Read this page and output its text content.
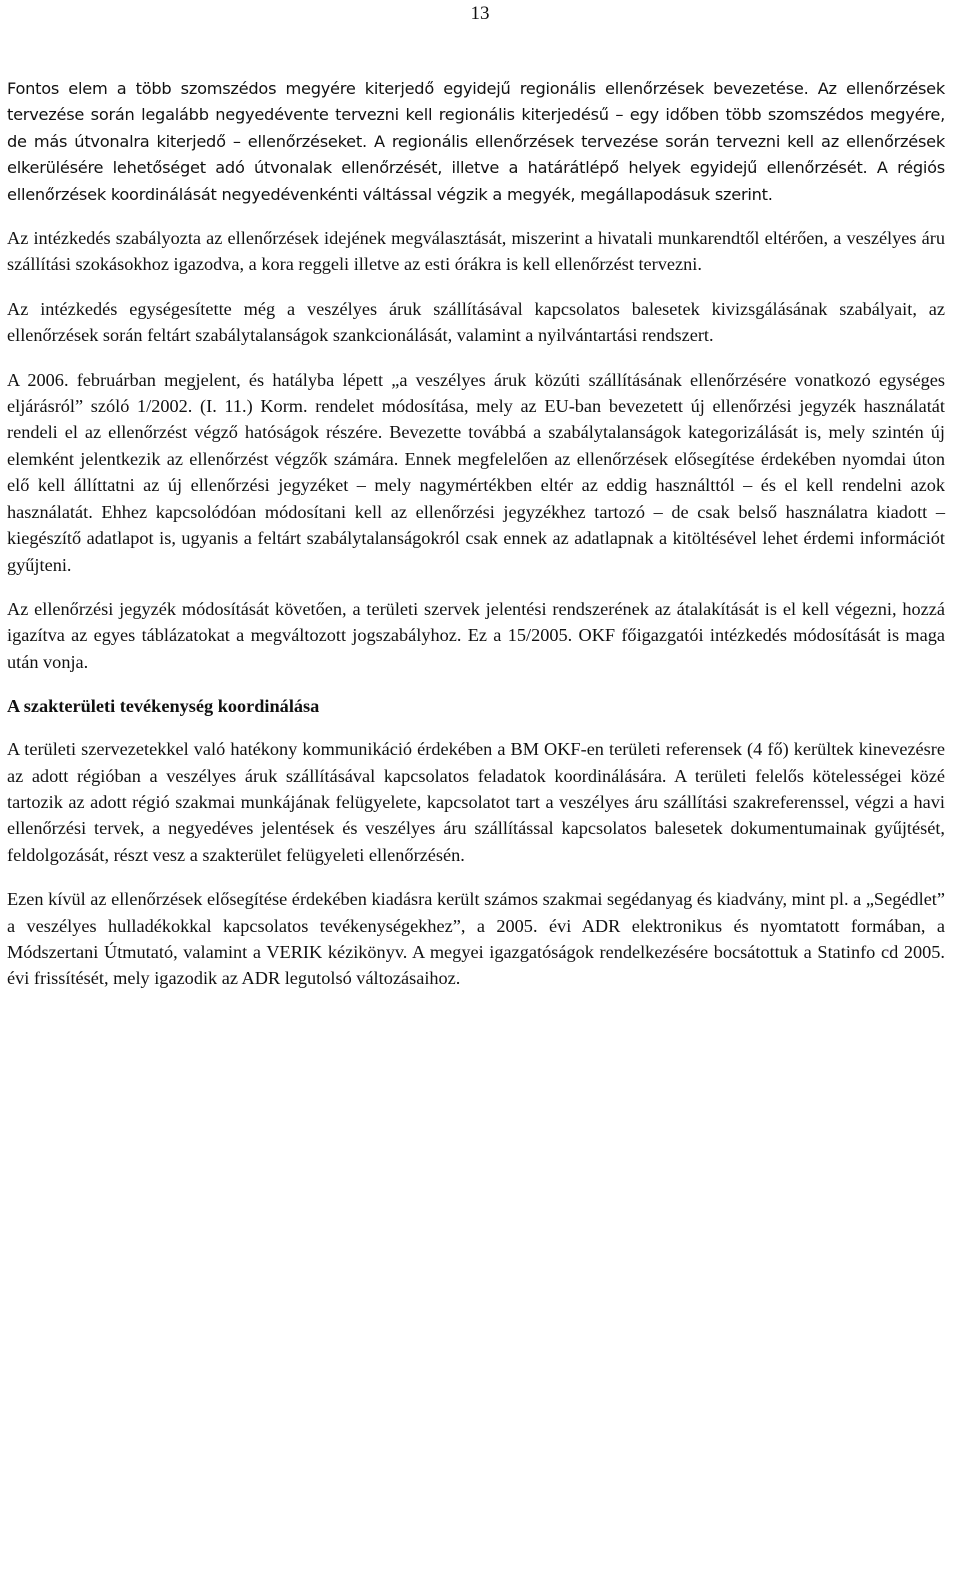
13

Fontos elem a több szomszédos megyére kiterjedő egyidejű regionális ellenőrzések bevezetése. Az ellenőrzések tervezése során legalább negyedévente tervezni kell regionális kiterjedésű – egy időben több szomszédos megyére, de más útvonalra kiterjedő – ellenőrzéseket. A regionális ellenőrzések tervezése során tervezni kell az ellenőrzések elkerülésére lehetőséget adó útvonalak ellenőrzését, illetve a határátlépő helyek egyidejű ellenőrzését. A régiós ellenőrzések koordinálását negyedévenkénti váltással végzik a megyék, megállapodásuk szerint.

Az intézkedés szabályozta az ellenőrzések idejének megválasztását, miszerint a hivatali munkarendtől eltérően, a veszélyes áru szállítási szokásokhoz igazodva, a kora reggeli illetve az esti órákra is kell ellenőrzést tervezni.

Az intézkedés egységesítette még a veszélyes áruk szállításával kapcsolatos balesetek kivizsgálásának szabályait, az ellenőrzések során feltárt szabálytalanságok szankcionálását, valamint a nyilvántartási rendszert.

A 2006. februárban megjelent, és hatályba lépett „a veszélyes áruk közúti szállításának ellenőrzésére vonatkozó egységes eljárásról” szóló 1/2002. (I. 11.) Korm. rendelet módosítása, mely az EU-ban bevezetett új ellenőrzési jegyzék használatát rendeli el az ellenőrzést végző hatóságok részére. Bevezette továbbá a szabálytalanságok kategorizálását is, mely szintén új elemként jelentkezik az ellenőrzést végzők számára. Ennek megfelelően az ellenőrzések elősegítése érdekében nyomdai úton elő kell állíttatni az új ellenőrzési jegyzéket – mely nagymértékben eltér az eddig használttól – és el kell rendelni azok használatát. Ehhez kapcsolódóan módosítani kell az ellenőrzési jegyzékhez tartozó – de csak belső használatra kiadott – kiegészítő adatlapot is, ugyanis a feltárt szabálytalanságokról csak ennek az adatlapnak a kitöltésével lehet érdemi információt gyűjteni.

Az ellenőrzési jegyzék módosítását követően, a területi szervek jelentési rendszerének az átalakítását is el kell végezni, hozzá igazítva az egyes táblázatokat a megváltozott jogszabályhoz. Ez a 15/2005. OKF főigazgatói intézkedés módosítását is maga után vonja.

A szakterületi tevékenység koordinálása

A területi szervezetekkel való hatékony kommunikáció érdekében a BM OKF-en területi referensek (4 fő) kerültek kinevezésre az adott régióban a veszélyes áruk szállításával kapcsolatos feladatok koordinálására. A területi felelős kötelességei közé tartozik az adott régió szakmai munkájának felügyelete, kapcsolatot tart a veszélyes áru szállítási szakreferenssel, végzi a havi ellenőrzési tervek, a negyedéves jelentések és veszélyes áru szállítással kapcsolatos balesetek dokumentumainak gyűjtését, feldolgozását, részt vesz a szakterület felügyeleti ellenőrzésén.

Ezen kívül az ellenőrzések elősegítése érdekében kiadásra került számos szakmai segédanyag és kiadvány, mint pl. a „Segédlet” a veszélyes hulladékokkal kapcsolatos tevékenységekhez”, a 2005. évi ADR elektronikus és nyomtatott formában, a Módszertani Útmutató, valamint a VERIK kézikönyv. A megyei igazgatóságok rendelkezésére bocsátottuk a Statinfo cd 2005. évi frissítését, mely igazodik az ADR legutolsó változásaihoz.
